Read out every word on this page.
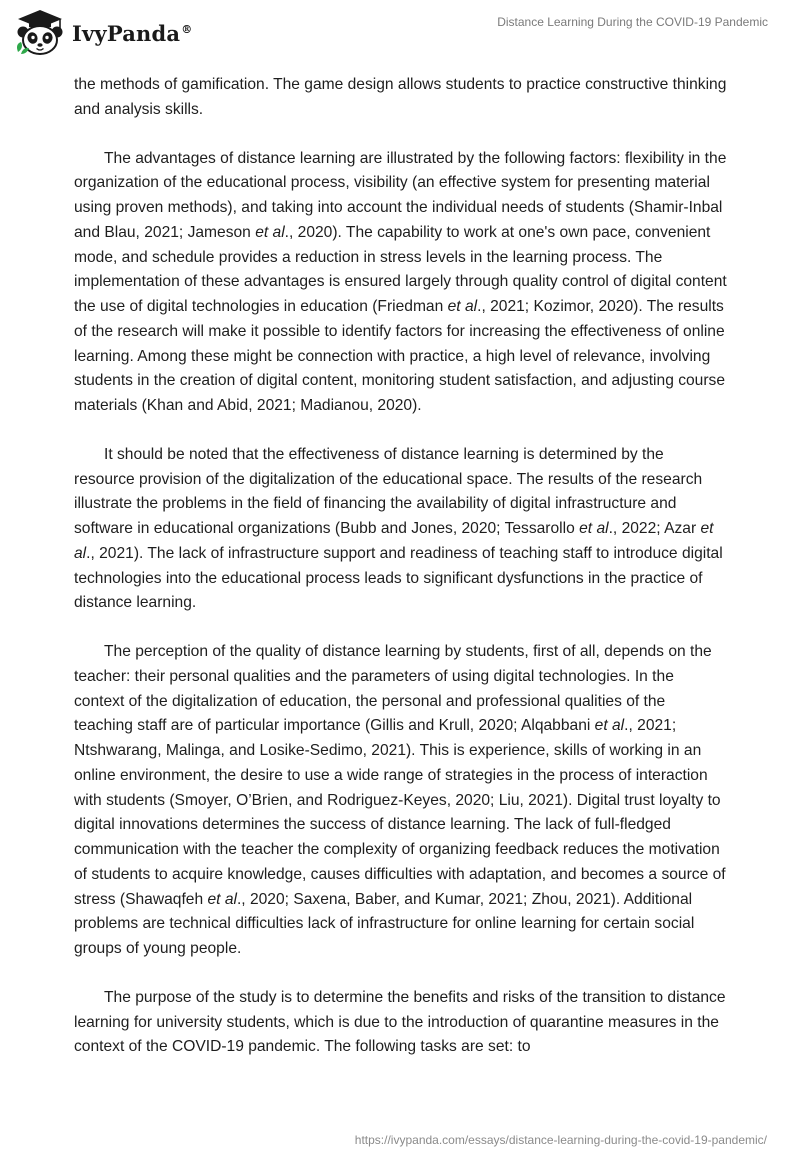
IvyPanda®	Distance Learning During the COVID-19 Pandemic

the methods of gamification. The game design allows students to practice constructive thinking and analysis skills.

The advantages of distance learning are illustrated by the following factors: flexibility in the organization of the educational process, visibility (an effective system for presenting material using proven methods), and taking into account the individual needs of students (Shamir-Inbal and Blau, 2021; Jameson et al., 2020). The capability to work at one's own pace, convenient mode, and schedule provides a reduction in stress levels in the learning process. The implementation of these advantages is ensured largely through quality control of digital content the use of digital technologies in education (Friedman et al., 2021; Kozimor, 2020). The results of the research will make it possible to identify factors for increasing the effectiveness of online learning. Among these might be connection with practice, a high level of relevance, involving students in the creation of digital content, monitoring student satisfaction, and adjusting course materials (Khan and Abid, 2021; Madianou, 2020).

It should be noted that the effectiveness of distance learning is determined by the resource provision of the digitalization of the educational space. The results of the research illustrate the problems in the field of financing the availability of digital infrastructure and software in educational organizations (Bubb and Jones, 2020; Tessarollo et al., 2022; Azar et al., 2021). The lack of infrastructure support and readiness of teaching staff to introduce digital technologies into the educational process leads to significant dysfunctions in the practice of distance learning.

The perception of the quality of distance learning by students, first of all, depends on the teacher: their personal qualities and the parameters of using digital technologies. In the context of the digitalization of education, the personal and professional qualities of the teaching staff are of particular importance (Gillis and Krull, 2020; Alqabbani et al., 2021; Ntshwarang, Malinga, and Losike-Sedimo, 2021). This is experience, skills of working in an online environment, the desire to use a wide range of strategies in the process of interaction with students (Smoyer, O’Brien, and Rodriguez-Keyes, 2020; Liu, 2021). Digital trust loyalty to digital innovations determines the success of distance learning. The lack of full-fledged communication with the teacher the complexity of organizing feedback reduces the motivation of students to acquire knowledge, causes difficulties with adaptation, and becomes a source of stress (Shawaqfeh et al., 2020; Saxena, Baber, and Kumar, 2021; Zhou, 2021). Additional problems are technical difficulties lack of infrastructure for online learning for certain social groups of young people.

The purpose of the study is to determine the benefits and risks of the transition to distance learning for university students, which is due to the introduction of quarantine measures in the context of the COVID-19 pandemic. The following tasks are set: to

https://ivypanda.com/essays/distance-learning-during-the-covid-19-pandemic/
